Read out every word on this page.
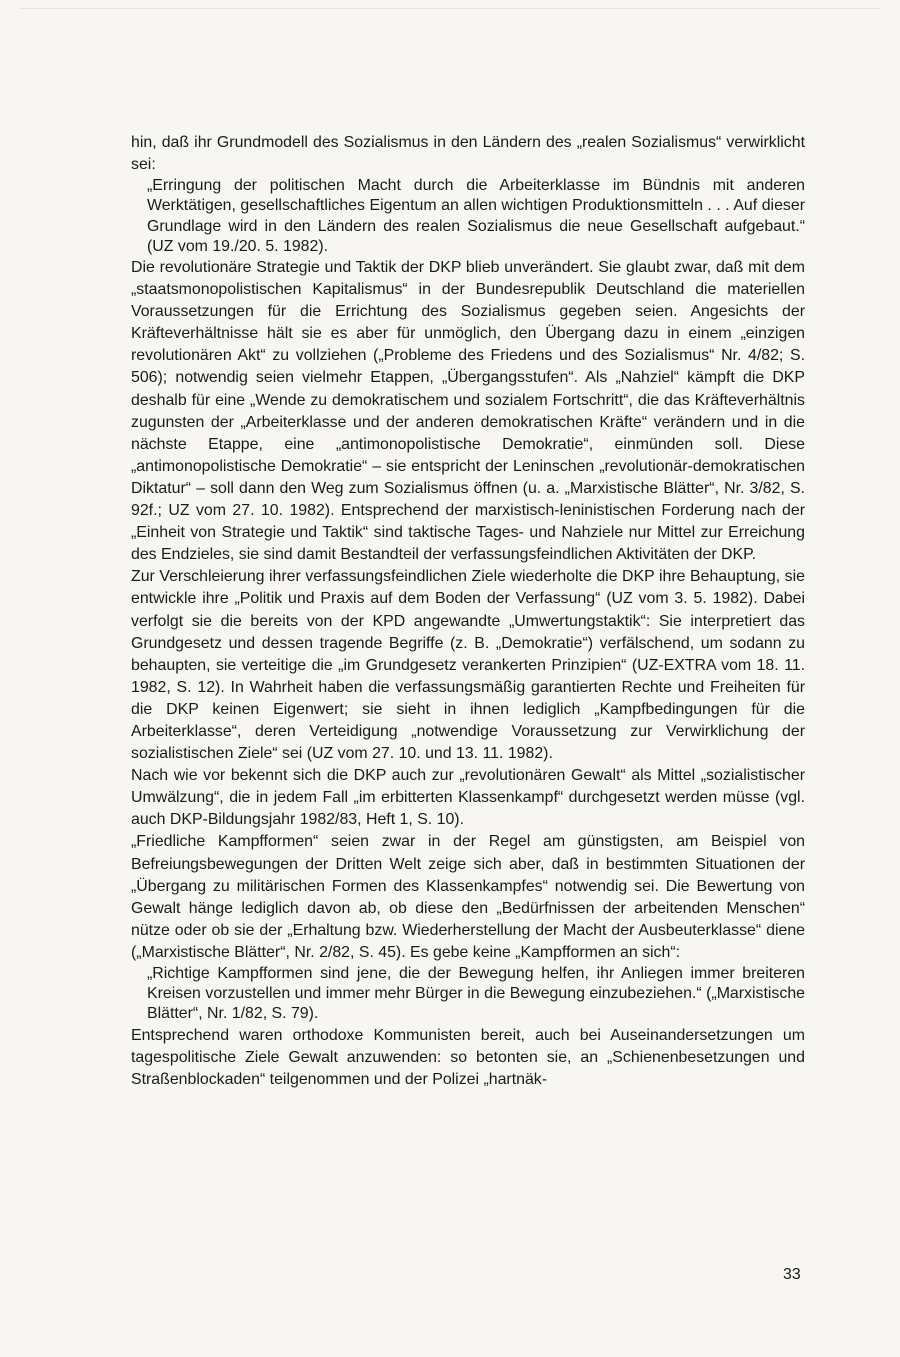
hin, daß ihr Grundmodell des Sozialismus in den Ländern des „realen Sozialismus“ verwirklicht sei:

„Erringung der politischen Macht durch die Arbeiterklasse im Bündnis mit anderen Werktätigen, gesellschaftliches Eigentum an allen wichtigen Produktionsmitteln . . . Auf dieser Grundlage wird in den Ländern des realen Sozialismus die neue Gesellschaft aufgebaut.“ (UZ vom 19./20. 5. 1982).

Die revolutionäre Strategie und Taktik der DKP blieb unverändert. Sie glaubt zwar, daß mit dem „staatsmonopolistischen Kapitalismus“ in der Bundesrepublik Deutschland die materiellen Voraussetzungen für die Errichtung des Sozialismus gegeben seien. Angesichts der Kräfteverhältnisse hält sie es aber für unmöglich, den Übergang dazu in einem „einzigen revolutionären Akt“ zu vollziehen („Probleme des Friedens und des Sozialismus“ Nr. 4/82; S. 506); notwendig seien vielmehr Etappen, „Übergangsstufen“. Als „Nahziel“ kämpft die DKP deshalb für eine „Wende zu demokratischem und sozialem Fortschritt“, die das Kräfteverhältnis zugunsten der „Arbeiterklasse und der anderen demokratischen Kräfte“ verändern und in die nächste Etappe, eine „antimonopolistische Demokratie“, einmünden soll. Diese „antimonopolistische Demokratie“ – sie entspricht der Leninschen „revolutionär-demokratischen Diktatur“ – soll dann den Weg zum Sozialismus öffnen (u. a. „Marxistische Blätter“, Nr. 3/82, S. 92f.; UZ vom 27. 10. 1982). Entsprechend der marxistisch-leninistischen Forderung nach der „Einheit von Strategie und Taktik“ sind taktische Tages- und Nahziele nur Mittel zur Erreichung des Endzieles, sie sind damit Bestandteil der verfassungsfeindlichen Aktivitäten der DKP.

Zur Verschleierung ihrer verfassungsfeindlichen Ziele wiederholte die DKP ihre Behauptung, sie entwickle ihre „Politik und Praxis auf dem Boden der Verfassung“ (UZ vom 3. 5. 1982). Dabei verfolgt sie die bereits von der KPD angewandte „Umwertungstaktik“: Sie interpretiert das Grundgesetz und dessen tragende Begriffe (z. B. „Demokratie“) verfälschend, um sodann zu behaupten, sie verteitige die „im Grundgesetz verankerten Prinzipien“ (UZ-EXTRA vom 18. 11. 1982, S. 12). In Wahrheit haben die verfassungsmäßig garantierten Rechte und Freiheiten für die DKP keinen Eigenwert; sie sieht in ihnen lediglich „Kampfbedingungen für die Arbeiterklasse“, deren Verteidigung „notwendige Voraussetzung zur Verwirklichung der sozialistischen Ziele“ sei (UZ vom 27. 10. und 13. 11. 1982).

Nach wie vor bekennt sich die DKP auch zur „revolutionären Gewalt“ als Mittel „sozialistischer Umwälzung“, die in jedem Fall „im erbitterten Klassenkampf“ durchgesetzt werden müsse (vgl. auch DKP-Bildungsjahr 1982/83, Heft 1, S. 10).

„Friedliche Kampfformen“ seien zwar in der Regel am günstigsten, am Beispiel von Befreiungsbewegungen der Dritten Welt zeige sich aber, daß in bestimmten Situationen der „Übergang zu militärischen Formen des Klassenkampfes“ notwendig sei. Die Bewertung von Gewalt hänge lediglich davon ab, ob diese den „Bedürfnissen der arbeitenden Menschen“ nütze oder ob sie der „Erhaltung bzw. Wiederherstellung der Macht der Ausbeuterklasse“ diene („Marxistische Blätter“, Nr. 2/82, S. 45). Es gebe keine „Kampfformen an sich“:

„Richtige Kampfformen sind jene, die der Bewegung helfen, ihr Anliegen immer breiteren Kreisen vorzustellen und immer mehr Bürger in die Bewegung einzubeziehen.“ („Marxistische Blätter“, Nr. 1/82, S. 79).

Entsprechend waren orthodoxe Kommunisten bereit, auch bei Auseinandersetzungen um tagespolitische Ziele Gewalt anzuwenden: so betonten sie, an „Schienenbesetzungen und Straßenblockaden“ teilgenommen und der Polizei „hartnäk-

33
